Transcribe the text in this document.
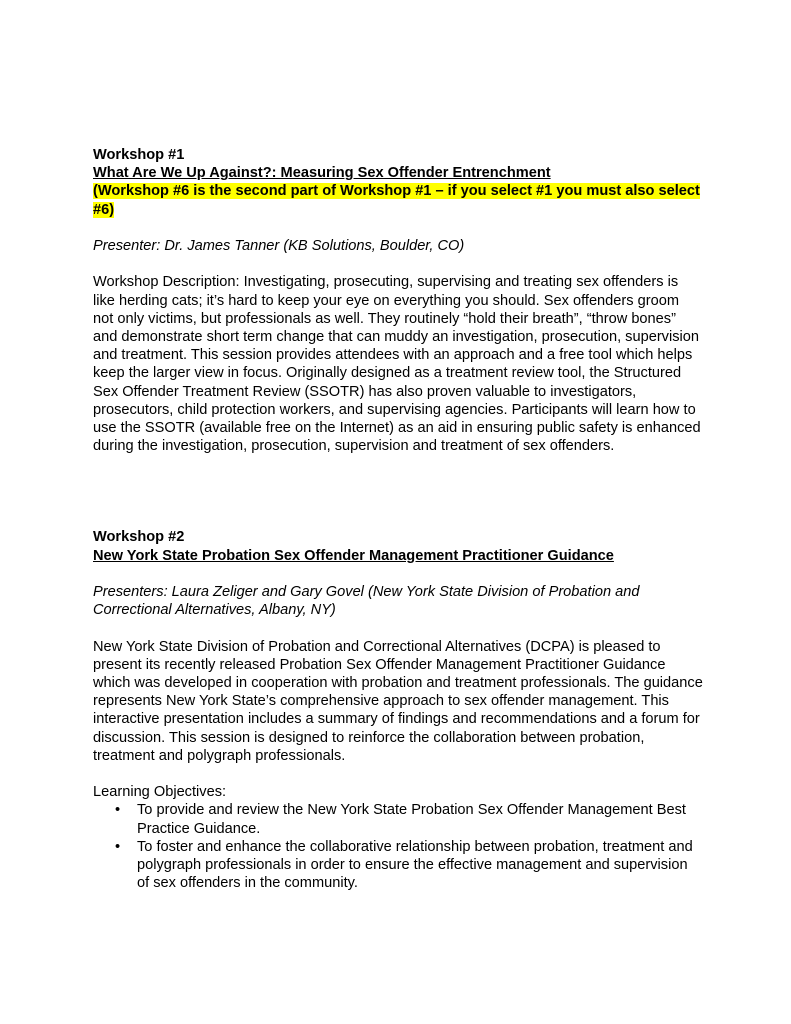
Workshop #1

What Are We Up Against?: Measuring Sex Offender Entrenchment

(Workshop #6 is the second part of Workshop #1 – if you select #1 you must also select #6)

Presenter: Dr. James Tanner (KB Solutions, Boulder, CO)

Workshop Description: Investigating, prosecuting, supervising and treating sex offenders is like herding cats; it’s hard to keep your eye on everything you should. Sex offenders groom not only victims, but professionals as well. They routinely “hold their breath”, “throw bones” and demonstrate short term change that can muddy an investigation, prosecution, supervision and treatment. This session provides attendees with an approach and a free tool which helps keep the larger view in focus. Originally designed as a treatment review tool, the Structured Sex Offender Treatment Review (SSOTR) has also proven valuable to investigators, prosecutors, child protection workers, and supervising agencies. Participants will learn how to use the SSOTR (available free on the Internet) as an aid in ensuring public safety is enhanced during the investigation, prosecution, supervision and treatment of sex offenders.

Workshop #2

New York State Probation Sex Offender Management Practitioner Guidance

Presenters: Laura Zeliger and Gary Govel (New York State Division of Probation and Correctional Alternatives, Albany, NY)

New York State Division of Probation and Correctional Alternatives (DCPA) is pleased to present its recently released Probation Sex Offender Management Practitioner Guidance which was developed in cooperation with probation and treatment professionals. The guidance represents New York State’s comprehensive approach to sex offender management. This interactive presentation includes a summary of findings and recommendations and a forum for discussion. This session is designed to reinforce the collaboration between probation, treatment and polygraph professionals.

Learning Objectives:

• To provide and review the New York State Probation Sex Offender Management Best Practice Guidance.
• To foster and enhance the collaborative relationship between probation, treatment and polygraph professionals in order to ensure the effective management and supervision of sex offenders in the community.
